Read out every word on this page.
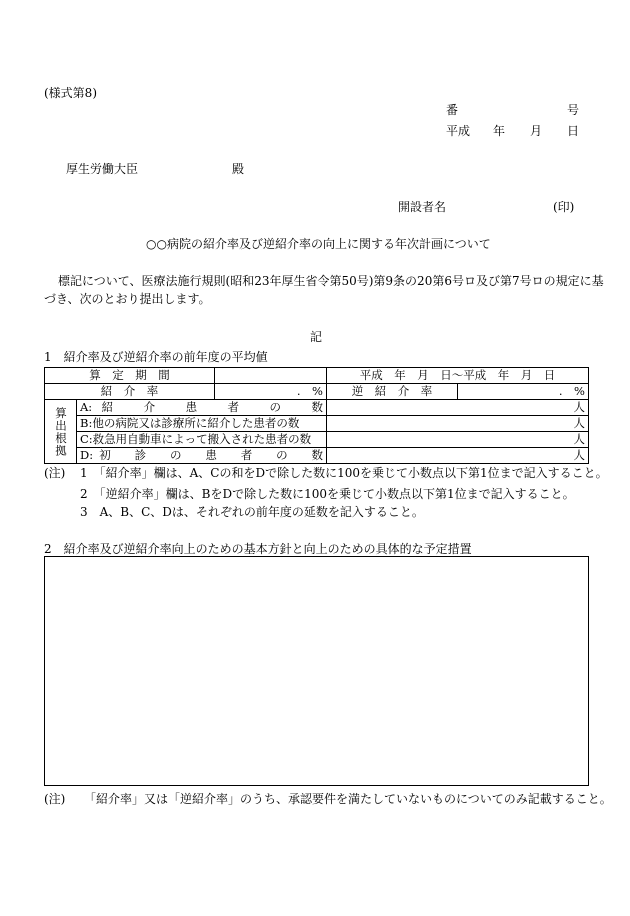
(様式第8)
番	号
平成 年 月 日
厚生労働大臣	殿
開設者名	(印)
○○病院の紹介率及び逆紹介率の向上に関する年次計画について
標記について、医療法施行規則(昭和23年厚生省令第50号)第9条の20第6号ロ及び第7号ロの規定に基
づき、次のとおり提出します。
記
1　紹介率及び逆紹介率の前年度の平均値
算　定　期　間			平成　年　月　日～平成　年　月　日	
紹　介　率		.　%	逆　紹　介　率	.　%
算出根拠	A:紹　介　患　者　の　数		人	
	B:他の病院又は診療所に紹介した患者の数		人	
	C:救急用自動車によって搬入された患者の数		人	
	D:初　診　の　患　者　の　数		人	
(注) 1　「紹介率」欄は、A、Cの和をDで除した数に100を乗じて小数点以下第1位まで記入すること。
2　「逆紹介率」欄は、BをDで除した数に100を乗じて小数点以下第1位まで記入すること。
3　A、B、C、Dは、それぞれの前年度の延数を記入すること。
2　紹介率及び逆紹介率向上のための基本方針と向上のための具体的な予定措置
(注) 「紹介率」又は「逆紹介率」のうち、承認要件を満たしていないものについてのみ記載すること。
